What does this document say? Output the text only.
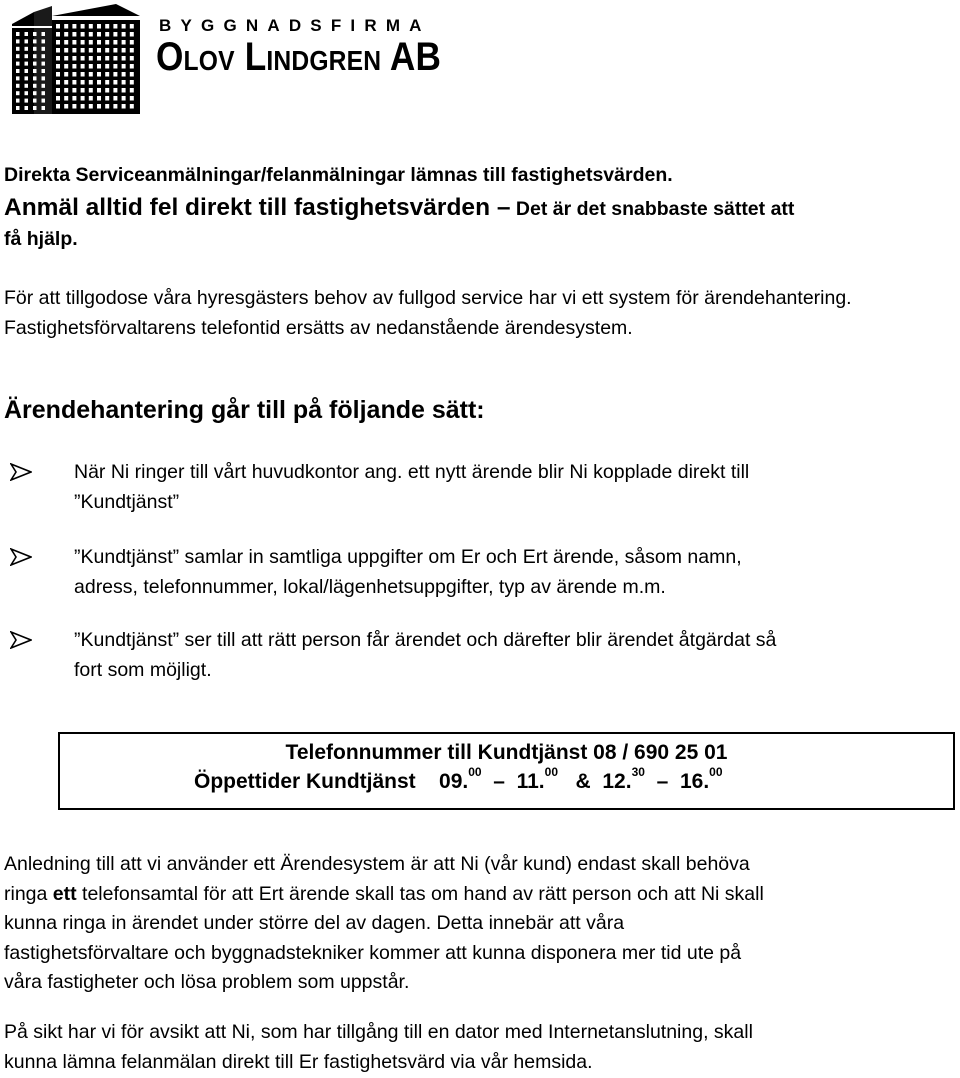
BYGGNADSFIRMA
Olov Lindgren AB

Direkta Serviceanmälningar/felanmälningar lämnas till fastighetsvärden.

Anmäl alltid fel direkt till fastighetsvärden – Det är det snabbaste sättet att

få hjälp.

För att tillgodose våra hyresgästers behov av fullgod service har vi ett system för ärendehantering. Fastighetsförvaltarens telefontid ersätts av nedanstående ärendesystem.

Ärendehantering går till på följande sätt:

När Ni ringer till vårt huvudkontor ang. ett nytt ärende blir Ni kopplade direkt till
”Kundtjänst”
”Kundtjänst” samlar in samtliga uppgifter om Er och Ert ärende, såsom namn,
adress, telefonnummer, lokal/lägenhetsuppgifter, typ av ärende m.m.
”Kundtjänst” ser till att rätt person får ärendet och därefter blir ärendet åtgärdat så
fort som möjligt.
Telefonnummer till Kundtjänst 08 / 690 25 01
Öppettider Kundtjänst 09.00 – 11.00 & 12.30 – 16.00
Anledning till att vi använder ett Ärendesystem är att Ni (vår kund) endast skall behöva
ringa ett telefonsamtal för att Ert ärende skall tas om hand av rätt person och att Ni skall
kunna ringa in ärendet under större del av dagen. Detta innebär att våra
fastighetsförvaltare och byggnadstekniker kommer att kunna disponera mer tid ute på
våra fastigheter och lösa problem som uppstår.
På sikt har vi för avsikt att Ni, som har tillgång till en dator med Internetanslutning, skall
kunna lämna felanmälan direkt till Er fastighetsvärd via vår hemsida.
